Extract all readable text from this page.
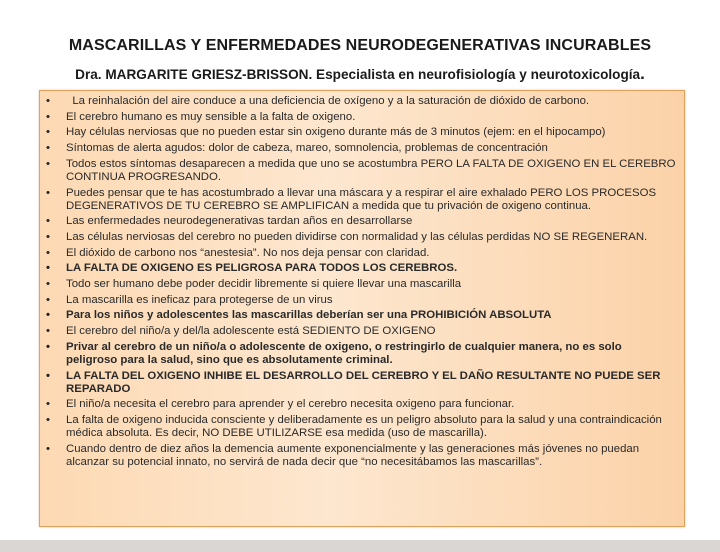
MASCARILLAS Y ENFERMEDADES NEURODEGENERATIVAS INCURABLES
Dra. MARGARITE GRIESZ-BRISSON. Especialista en neurofisiología y neurotoxicología.
•   La reinhalación del aire conduce a una deficiencia de oxígeno y a la saturación de dióxido de carbono.
• El cerebro humano es muy sensible a la falta de oxigeno.
• Hay células nerviosas que no pueden estar sin oxigeno durante más de 3 minutos (ejem: en el hipocampo)
• Síntomas de alerta agudos: dolor de cabeza, mareo, somnolencia, problemas de concentración
• Todos estos síntomas desaparecen a medida que uno se acostumbra PERO LA FALTA DE OXIGENO EN EL CEREBRO CONTINUA PROGRESANDO.
• Puedes pensar que te has acostumbrado a llevar una máscara y a respirar el aire exhalado PERO LOS PROCESOS DEGENERATIVOS DE TU CEREBRO SE AMPLIFICAN a medida que tu privación de oxigeno continua.
• Las enfermedades neurodegenerativas tardan años en desarrollarse
• Las células nerviosas del cerebro no pueden dividirse con normalidad y las células perdidas NO SE REGENERAN.
• El dióxido de carbono nos “anestesia”. No nos deja pensar con claridad.
• LA FALTA DE OXIGENO ES PELIGROSA PARA TODOS LOS CEREBROS.
• Todo ser humano debe poder decidir libremente si quiere llevar una mascarilla
• La mascarilla es ineficaz para protegerse de un virus
• Para los niños y adolescentes las mascarillas deberían ser una PROHIBICIÓN ABSOLUTA
• El cerebro del niño/a y del/la adolescente está SEDIENTO DE OXIGENO
• Privar al cerebro de un niño/a o adolescente de oxigeno, o restringirlo de cualquier manera, no es solo peligroso para la salud, sino que es absolutamente criminal.
• LA FALTA DEL OXIGENO INHIBE EL DESARROLLO DEL CEREBRO Y EL DAÑO RESULTANTE NO PUEDE SER REPARADO
• El niño/a necesita el cerebro para aprender y el cerebro necesita oxigeno para funcionar.
• La falta de oxigeno inducida consciente y deliberadamente es un peligro absoluto para la salud y una contraindicación médica absoluta. Es decir, NO DEBE UTILIZARSE esa medida (uso de mascarilla).
• Cuando dentro de diez años la demencia aumente exponencialmente y las generaciones más jóvenes no puedan alcanzar su potencial innato, no servirá de nada decir que “no necesitábamos las mascarillas”.
